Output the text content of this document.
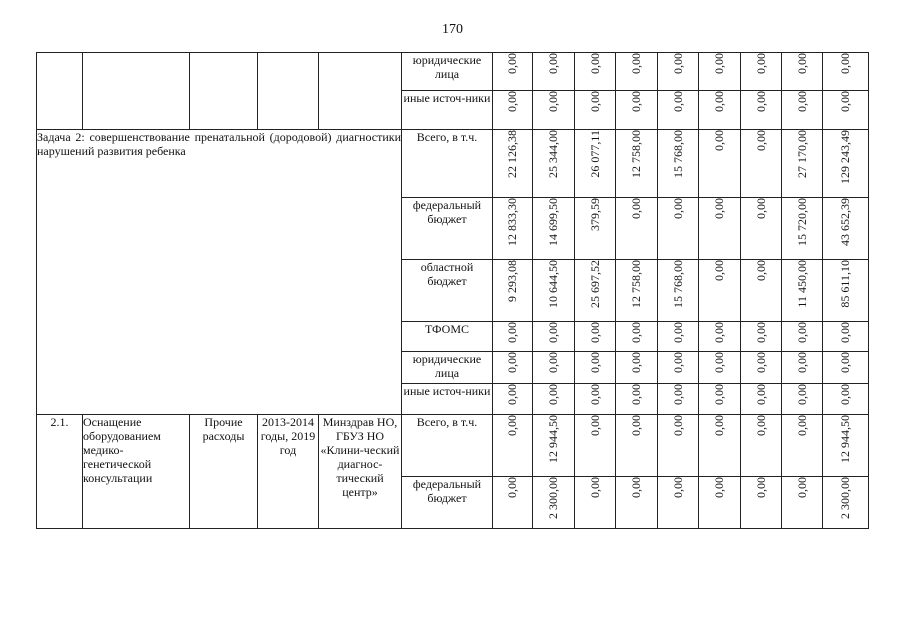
170
					юридические лица	0,00	0,00	0,00	0,00	0,00	0,00	0,00	0,00	0,00

					иные источ-ники	0,00	0,00	0,00	0,00	0,00	0,00	0,00	0,00	0,00

Задача 2: совершенствование пренатальной (дородовой) диагностики нарушений развития ребенка					Всего, в т.ч.	22 126,38	25 344,00	26 077,11	12 758,00	15 768,00	0,00	0,00	27 170,00	129 243,49

					федеральный бюджет	12 833,30	14 699,50	379,59	0,00	0,00	0,00	0,00	15 720,00	43 652,39

					областной бюджет	9 293,08	10 644,50	25 697,52	12 758,00	15 768,00	0,00	0,00	11 450,00	85 611,10

					ТФОМС	0,00	0,00	0,00	0,00	0,00	0,00	0,00	0,00	0,00

					юридические лица	0,00	0,00	0,00	0,00	0,00	0,00	0,00	0,00	0,00

					иные источ-ники	0,00	0,00	0,00	0,00	0,00	0,00	0,00	0,00	0,00

2.1.	Оснащение оборудованием медико-генетической консультации	Прочие расходы	2013-2014 годы, 2019 год	Минздрав НО, ГБУЗ НО «Клини-ческий диагнос-тический центр»	Всего, в т.ч.	0,00	12 944,50	0,00	0,00	0,00	0,00	0,00	0,00	12 944,50

					федеральный бюджет	0,00	2 300,00	0,00	0,00	0,00	0,00	0,00	0,00	2 300,00
